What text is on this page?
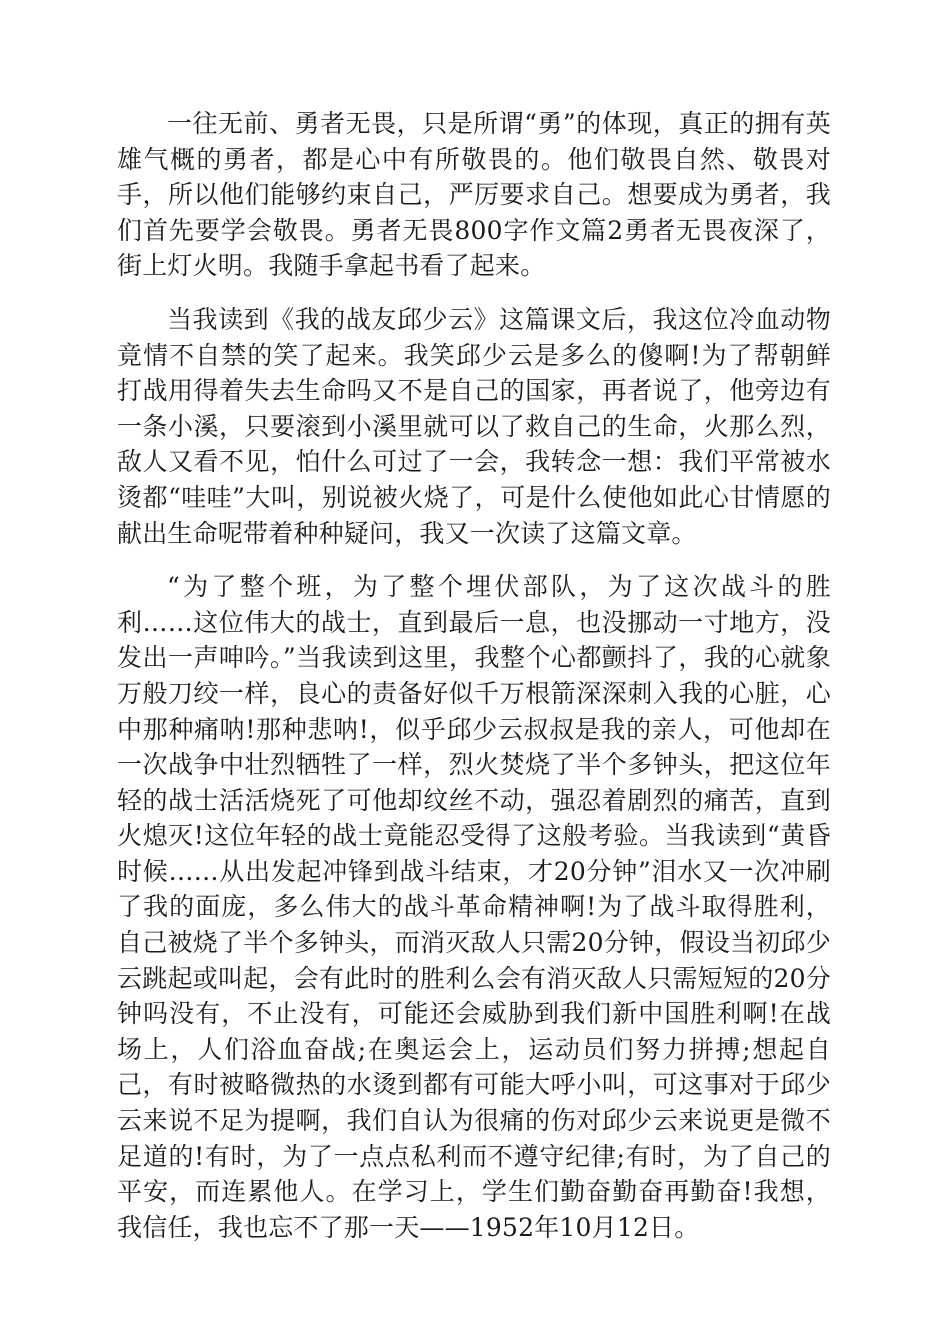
一往无前、勇者无畏，只是所谓“勇”的体现，真正的拥有英雄气概的勇者，都是心中有所敬畏的。他们敬畏自然、敬畏对手，所以他们能够约束自己，严厉要求自己。想要成为勇者，我们首先要学会敬畏。勇者无畏800字作文篇2勇者无畏夜深了，街上灯火明。我随手拿起书看了起来。

当我读到《我的战友邱少云》这篇课文后，我这位冷血动物竟情不自禁的笑了起来。我笑邱少云是多么的傻啊!为了帮朝鲜打战用得着失去生命吗又不是自己的国家，再者说了，他旁边有一条小溪，只要滚到小溪里就可以了救自己的生命，火那么烈，敌人又看不见，怕什么可过了一会，我转念一想：我们平常被水烫都“哇哇”大叫，别说被火烧了，可是什么使他如此心甘情愿的献出生命呢带着种种疑问，我又一次读了这篇文章。

“为了整个班，为了整个埋伏部队，为了这次战斗的胜利……这位伟大的战士，直到最后一息，也没挪动一寸地方，没发出一声呻吟。”当我读到这里，我整个心都颤抖了，我的心就象万般刀绞一样，良心的责备好似千万根箭深深刺入我的心脏，心中那种痛呐!那种悲呐!，似乎邱少云叔叔是我的亲人，可他却在一次战争中壮烈牺牲了一样，烈火焚烧了半个多钟头，把这位年轻的战士活活烧死了可他却纹丝不动，强忍着剧烈的痛苦，直到火熄灭!这位年轻的战士竟能忍受得了这般考验。当我读到“黄昏时候……从出发起冲锋到战斗结束，才20分钟”泪水又一次冲刷了我的面庞，多么伟大的战斗革命精神啊!为了战斗取得胜利，自己被烧了半个多钟头，而消灭敌人只需20分钟，假设当初邱少云跳起或叫起，会有此时的胜利么会有消灭敌人只需短短的20分钟吗没有，不止没有，可能还会威胁到我们新中国胜利啊!在战场上，人们浴血奋战;在奥运会上，运动员们努力拼搏;想起自己，有时被略微热的水烫到都有可能大呼小叫，可这事对于邱少云来说不足为提啊，我们自认为很痛的伤对邱少云来说更是微不足道的!有时，为了一点点私利而不遵守纪律;有时，为了自己的平安，而连累他人。在学习上，学生们勤奋勤奋再勤奋!我想，我信任，我也忘不了那一天——1952年10月12日。
